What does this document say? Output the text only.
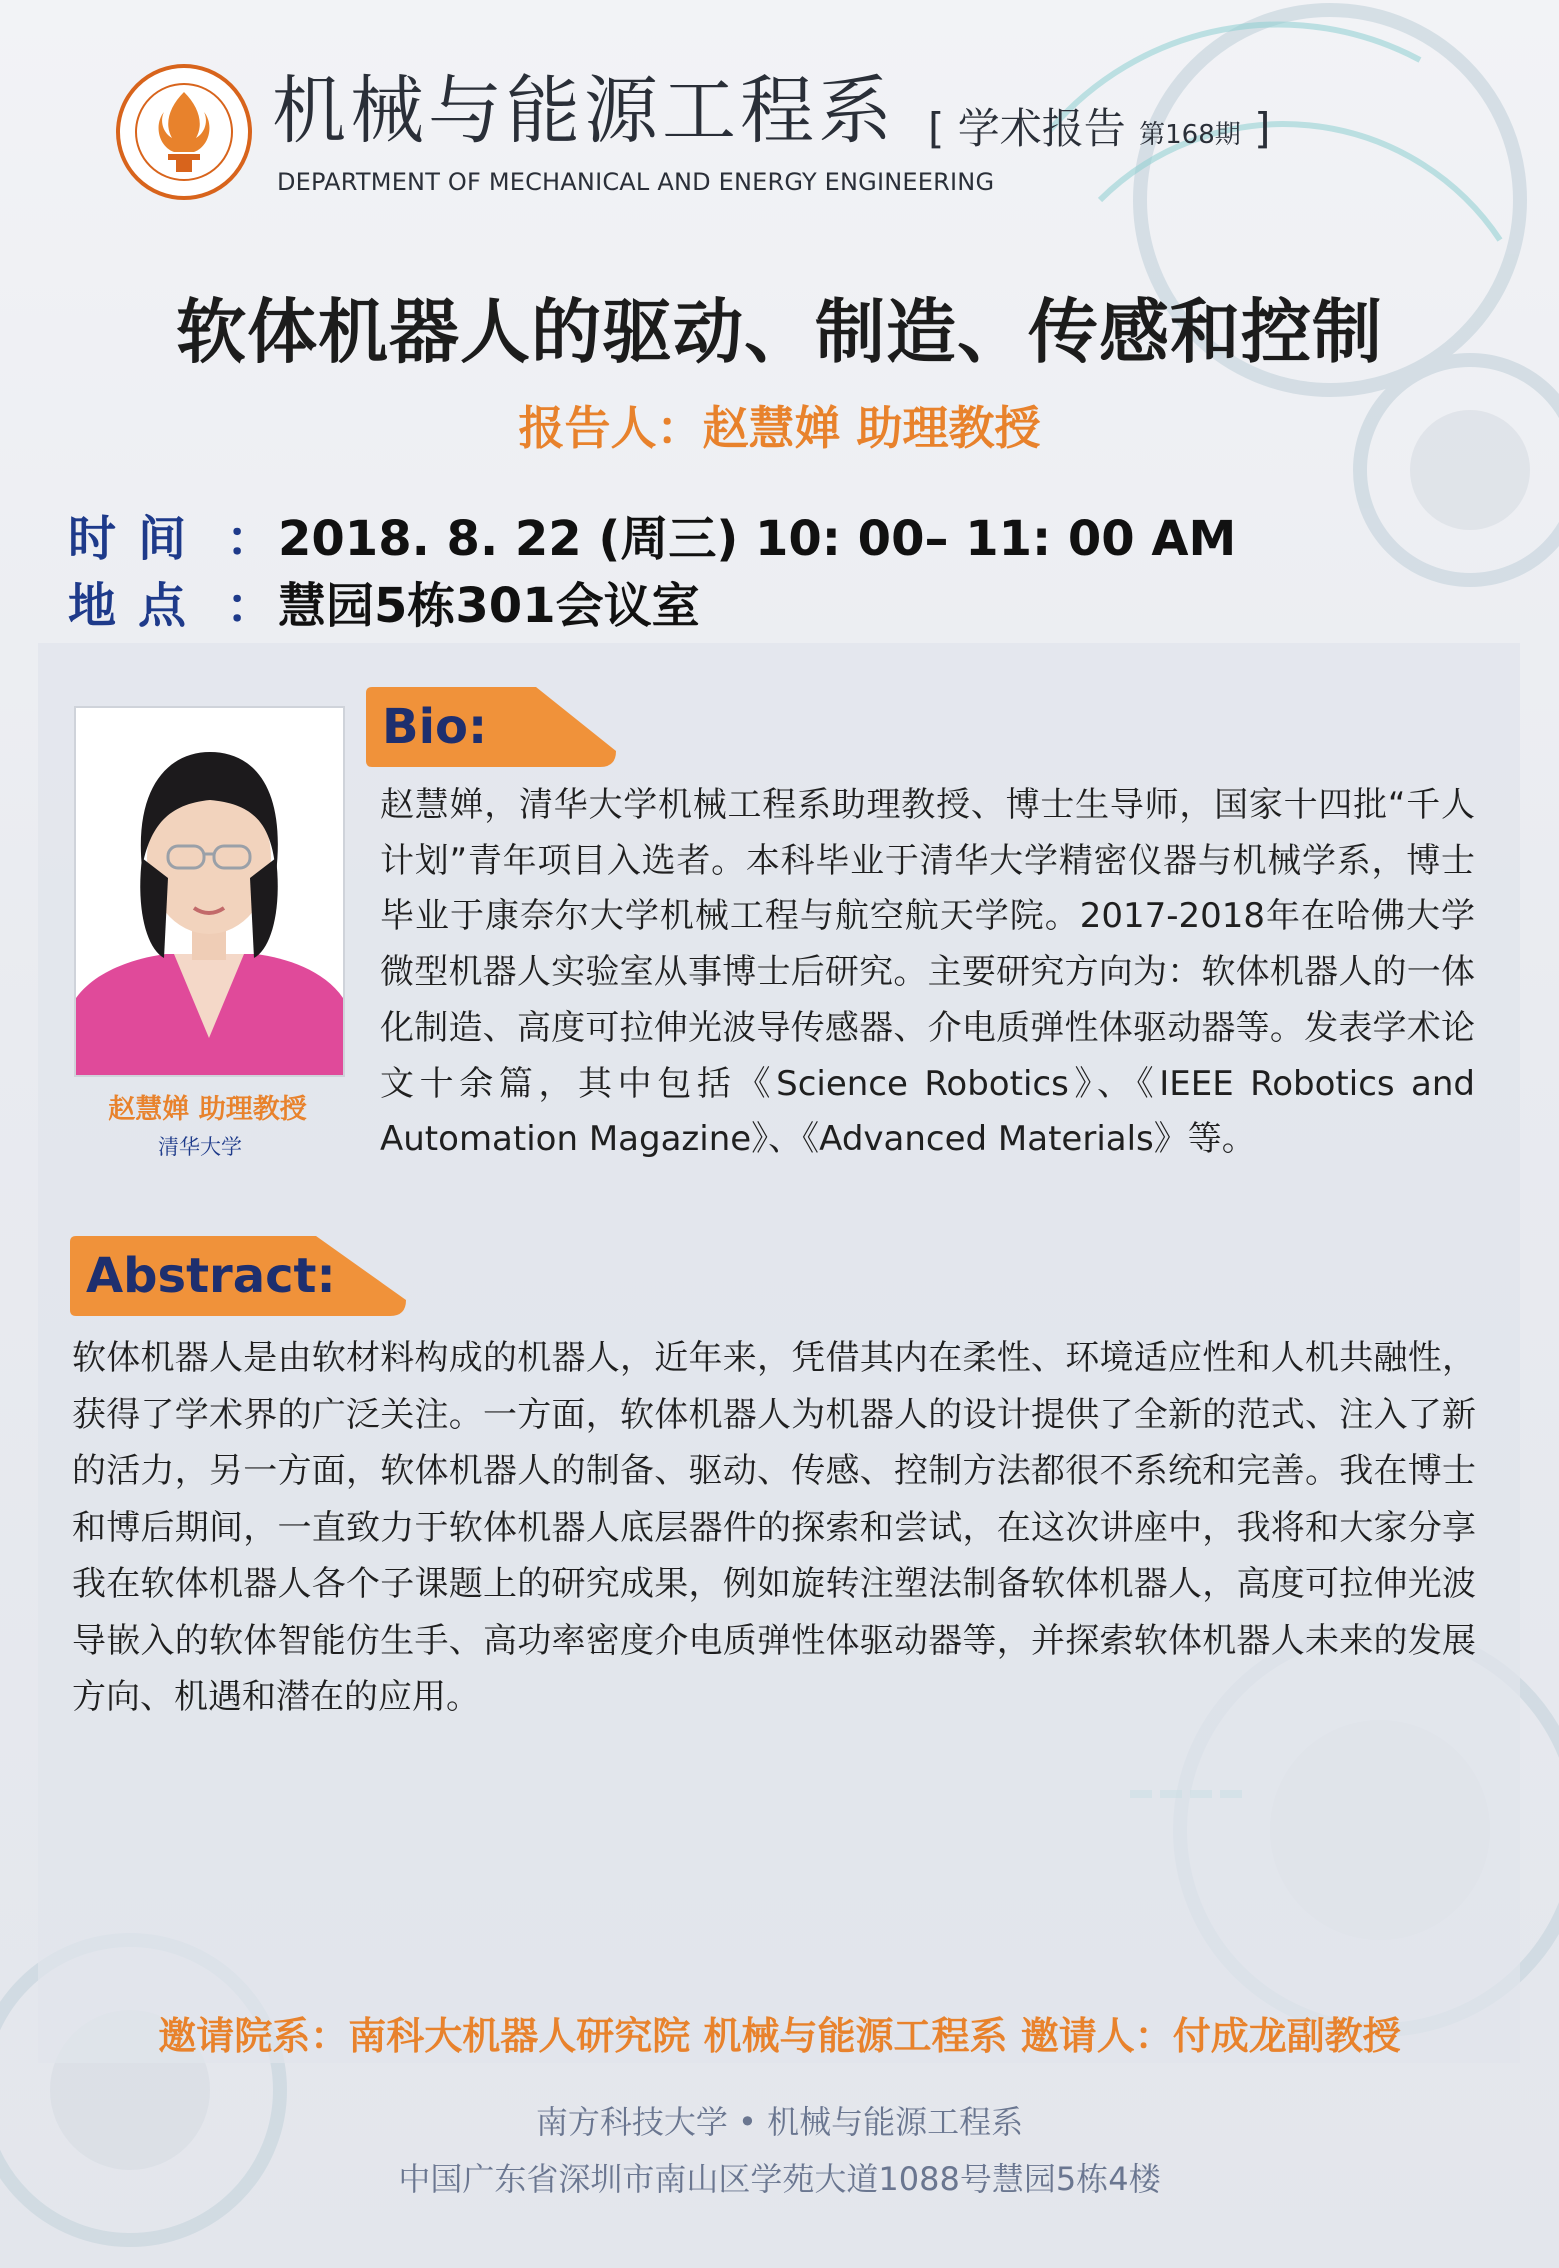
机械与能源工程系 [ 学术报告 第168期 ]
DEPARTMENT OF MECHANICAL AND ENERGY ENGINEERING
软体机器人的驱动、制造、传感和控制
报告人：赵慧婵 助理教授
时间 ：2018. 8. 22 (周三) 10: 00– 11: 00 AM
地点 ：慧园5栋301会议室
赵慧婵 助理教授
清华大学
Bio:
赵慧婵，清华大学机械工程系助理教授、博士生导师，国家十四批“千人计划”青年项目入选者。本科毕业于清华大学精密仪器与机械学系，博士毕业于康奈尔大学机械工程与航空航天学院。2017-2018年在哈佛大学微型机器人实验室从事博士后研究。主要研究方向为：软体机器人的一体化制造、高度可拉伸光波导传感器、介电质弹性体驱动器等。发表学术论文十余篇，其中包括《Science Robotics》、《IEEE Robotics and Automation Magazine》、《Advanced Materials》等。
Abstract:
软体机器人是由软材料构成的机器人，近年来，凭借其内在柔性、环境适应性和人机共融性，获得了学术界的广泛关注。一方面，软体机器人为机器人的设计提供了全新的范式、注入了新的活力，另一方面，软体机器人的制备、驱动、传感、控制方法都很不系统和完善。我在博士和博后期间，一直致力于软体机器人底层器件的探索和尝试，在这次讲座中，我将和大家分享我在软体机器人各个子课题上的研究成果，例如旋转注塑法制备软体机器人，高度可拉伸光波导嵌入的软体智能仿生手、高功率密度介电质弹性体驱动器等，并探索软体机器人未来的发展方向、机遇和潜在的应用。
邀请院系：南科大机器人研究院 机械与能源工程系 邀请人：付成龙副教授
南方科技大学 • 机械与能源工程系
中国广东省深圳市南山区学苑大道1088号慧园5栋4楼
